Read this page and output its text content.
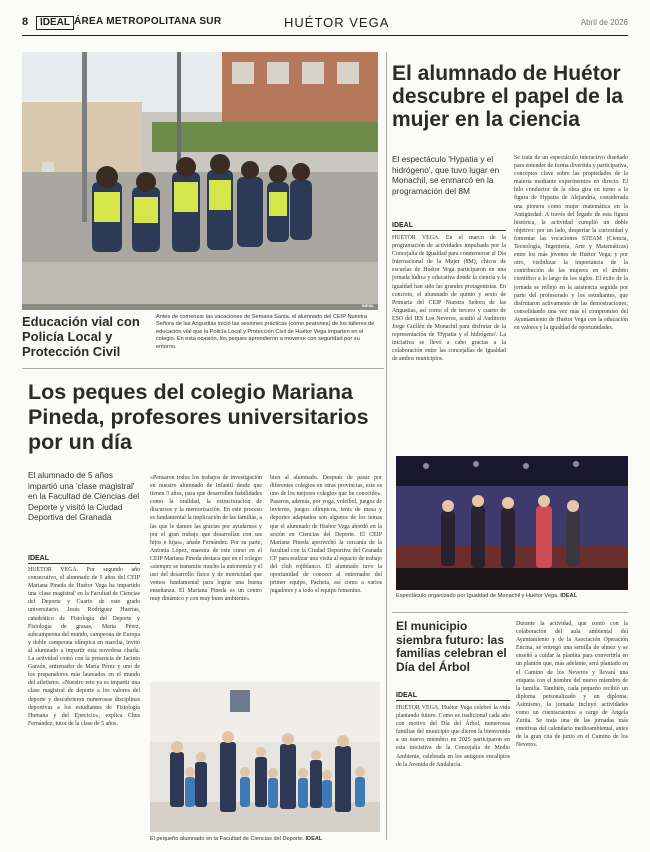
8	IDEAL ÁREA METROPOLITANA SUR	HUÉTOR VEGA	Abril de 2026
IDEAL
Educación vial con Policía Local y Protección Civil
Antes de comenzar las vacaciones de Semana Santa, el alumnado del CEIP Nuestra Señora de las Angustias inició las sesiones prácticas (como peatones) de los talleres de educación vial que la Policía Local y Protección Civil de Huétor Vega imparten en el colegio. En esta ocasión, los peques aprendieron a moverse con seguridad por su entorno.
El alumnado de Huétor descubre el papel de la mujer en la ciencia
El espectáculo 'Hypatia y el hidrógeno', que tuvo lugar en Monachil, se enmarcó en la programación del 8M
IDEAL
HUÉTOR VEGA. En el marco de la programación de actividades impulsada por la Concejalía de Igualdad para conmemorar el Día Internacional de la Mujer (8M), chicos de escuelas de Huétor Vega participaron en una jornada lúdica y educativa donde la ciencia y la igualdad han sido las grandes protagonistas. En concreto, el alumnado de quinto y sexto de Primaria del CEIP Nuestra Señora de las Angustias, así como el de tercero y cuarto de ESO del IES Los Neveros, acudió al Auditorio Jorge Guillén de Monachil para disfrutar de la representación de 'Hypatia y el hidrógeno'. La iniciativa se llevó a cabo gracias a la colaboración entre las concejalías de Igualdad de ambos municipios.
Se trata de un espectáculo interactivo diseñado para entender de forma divertida y participativa, conceptos clave sobre las propiedades de la materia mediante experimentos en directo. El hilo conductor de la obra gira en torno a la figura de Hypatia de Alejandría, considerada una pionera como mujer matemática en la Antigüedad. A través del legado de esta figura histórica, la actividad cumplió un doble objetivo: por un lado, despertar la curiosidad y fomentar las vocaciones STEAM (Ciencia, Tecnología, Ingeniería, Arte y Matemáticas) entre los más jóvenes de Huétor Vega; y por otro, visibilizar la importancia de la contribución de las mujeres en el ámbito científico a lo largo de los siglos. El éxito de la jornada se reflejó en la asistencia seguida por parte del profesorado y los estudiantes, que disfrutaron activamente de las demostraciones; consolidando una vez más el compromiso del Ayuntamiento de Huétor Vega con la educación en valores y la igualdad de oportunidades.
Espectáculo organizado por Igualdad de Monachil y Huétor Vega. IDEAL
Los peques del colegio Mariana Pineda, profesores universitarios por un día
El alumnado de 5 años impartió una 'clase magistral' en la Facultad de Ciencias del Deporte y visitó la Ciudad Deportiva del Granada
IDEAL
HUÉTOR VEGA. Por segundo año consecutivo, el alumnado de 5 años del CEIP Mariana Pineda de Huétor Vega ha impartido una 'clase magistral' en la Facultad de Ciencias del Deporte y Cuarto de este grado universitario. Jesús Rodríguez Huertas, catedrático de Fisiología del Deporte y Fisiología de grasas, Marta Pérez, subcampeona del mundo, campeona de Europa y doble campeona olímpica en marcha, invitó al alumnado a impartir esta novedosa charla. La actividad contó con la presencia de Jacinto Garzón, entrenador de María Pérez y uno de los preparadores más laureados en el mundo del atletismo. «Nuestro reto ya es impartir una clase magistral de deporte a los valores del deporte y descubrieron numerosas disciplinas deportivas a los estudiantes de Fisiología Humana y del Ejercicio», explica Chus Fernández, tutor de la clase de 5 años.
«Pensaron todos los trabajos de investigación en nuestro alumnado de Infantil desde que tienen 3 años, para que desarrollen habilidades como la oralidad, la estructuración de discursos y la memorización. En este proceso es fundamental la implicación de las familias, a las que le damos las gracias por ayudarnos y por el gran trabajo que desarrollan con sus hijos e hijas», añade Fernández. Por su parte, Antonia López, maestra de este curso en el CEIP Mariana Pineda destaca que en el colegio «siempre se transmite mucho la autonomía y el uso del desarrollo físico y de motricidad que vemos fundamental para lograr una buena enseñanza. El Mariana Pineda es un centro muy dinámico y con muy buen ambiente».
bien al alumnado. Después de pasar por diferentes colegios en otras provincias, este es uno de los mejores colegios que he conocido». Pasaron, además, por yoga, voleibol, juegos de invierno, juegos olímpicos, tenis de mesa y deportes adaptados son algunos de los temas que el alumnado de Huétor Vega abordó en la sesión en Ciencias del Deporte. El CEIP Mariana Pineda aprovechó la cercanía de la facultad con la Ciudad Deportiva del Granada CF para realizar una visita al espacio de trabajo del club rojiblanco. El alumnado tuvo la oportunidad de conocer al entrenador del primer equipo, Pacheta, así como a varios jugadores y a todo el equipo femenino.
El pequeño alumnado en la Facultad de Ciencias del Deporte. IDEAL
El municipio siembra futuro: las familias celebran el Día del Árbol
IDEAL
HUÉTOR VEGA. Huétor Vega celebró la vida plantando futuro. Como es tradicional cada año con motivo del Día del Árbol, numerosas familias del municipio que dieron la bienvenida a un nuevo miembro en 2025 participaron en esta iniciativa de la Concejalía de Medio Ambiente, celebrada en los antiguos eucaliptos de la Avenida de Andalucía.
Durante la actividad, que contó con la colaboración del aula ambiental del Ayuntamiento y de la Asociación Operación Encina, se entregó una semilla de almez y se enseñó a cuidar la plantita para convertirla en un plantón que, más adelante, será plantado en el Camino de los Neveros y llevará una etiqueta con el nombre del nuevo miembro de la familia. También, cada pequeño recibió un diploma personalizado y un diploma. Asimismo, la jornada incluyó actividades como un cuentacuentos a cargo de Angela Zurita. Se trata una de las jornadas más emotivas del calendario medioambiental, antes de la gran cita de junio en el Camino de los Neveros.
